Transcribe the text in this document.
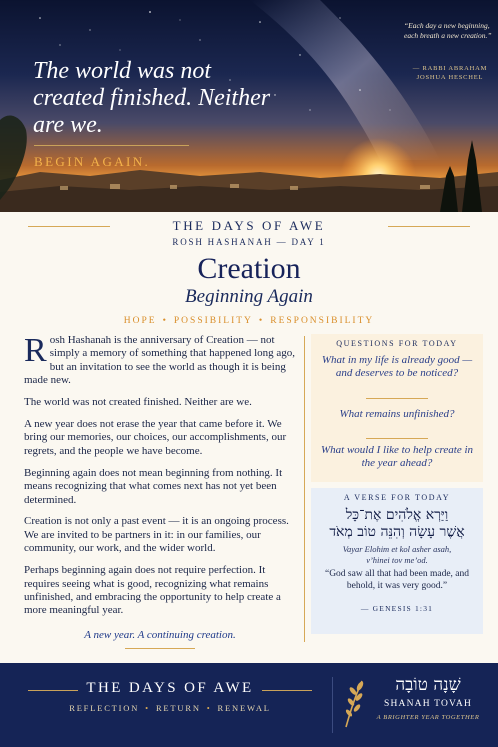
The world was not created finished. Neither are we.
BEGIN AGAIN.
“Each day a new beginning, each breath a new creation.”
— RABBI ABRAHAM JOSHUA HESCHEL
THE DAYS OF AWE
ROSH HASHANAH — DAY 1
Creation
Beginning Again
HOPE • POSSIBILITY • RESPONSIBILITY

Rosh Hashanah is the anniversary of Creation — not simply a memory of something that happened long ago, but an invitation to see the world as though it is being made new.

The world was not created finished. Neither are we.

A new year does not erase the year that came before it. We bring our memories, our choices, our accomplishments, our regrets, and the people we have become.

Beginning again does not mean beginning from nothing. It means recognizing that what comes next has not yet been determined.

Creation is not only a past event — it is an ongoing process. We are invited to be partners in it: in our families, our community, our work, and the wider world.

Perhaps beginning again does not require perfection. It requires seeing what is good, recognizing what remains unfinished, and embracing the opportunity to help create a more meaningful year.

A new year. A continuing creation.
QUESTIONS FOR TODAY
What in my life is already good — and deserves to be noticed?
What remains unfinished?
What would I like to help create in the year ahead?
A VERSE FOR TODAY
וַיַּרְא אֱלֹהִים אֶת־כָּל
אֲשֶׁר עָשָׂה וְהִנֵּה טוֹב מְאֹד
Vayar Elohim et kol asher asah,
v’hinei tov me’od.
“God saw all that had been made, and behold, it was very good.”
— GENESIS 1:31
THE DAYS OF AWE
REFLECTION • RETURN • RENEWAL
שָׁנָה טוֹבָה
SHANAH TOVAH
A BRIGHTER YEAR TOGETHER
